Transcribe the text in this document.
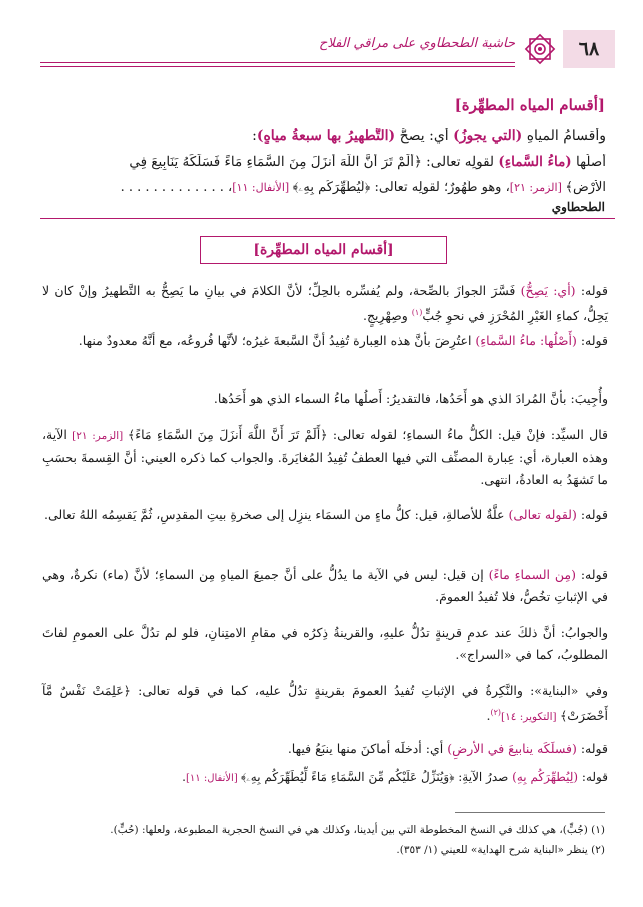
٦٨
حاشية الطحطاوي على مراقي الفلاح
[أقسام المياه المطهِّرة]
وأقسامُ المياهِ (التي يجوزُ) أي: يصحُّ (التَّطهيرُ بها سبعةُ مياهٍ):
أصلُها (ماءُ السَّماءِ) لقولِه تعالى: ﴿أَلَمْ تَرَ أَنَّ اللَّهَ أَنزَلَ مِنَ السَّمَاءِ مَاءً فَسَلَكَهُ يَنَابِيعَ فِي
الْأَرْضِ﴾ [الزمر: ٢١]، وهو طَهُورٌ؛ لقولِه تعالى: ﴿لِّيُطَهِّرَكُم بِهِۦ﴾ [الأنفال: ١١]، . . . . . . . . . . . . .
الطحطاوي
[أقسام المياه المطهِّرة]
قوله: (أي: يَصِحُّ) فَسَّرَ الجوازَ بالصِّحة، ولم يُفسِّره بالحِلِّ؛ لأنَّ الكلامَ في بيانِ ما يَصِحُّ به التَّطهيرُ وإنْ كان لا يَحِلُّ، كماءِ الغَيْرِ المُحْرَزِ في نحوِ جُبٍّ$^{(١)}$ وصِهْرِيجٍ.
قوله: (أَصْلُها: ماءُ السَّماءِ) اعتُرِضَ بأنَّ هذه العِبارة تُفِيدُ أنَّ السَّبعةَ غيرُه؛ لأنَّها فُروعُه، مع أنَّهُ معدودٌ منها.
وأُجِيبَ: بأنَّ المُرادَ الذي هو أَحَدُها، فالتقديرُ: أَصلُها ماءُ السماء الذي هو أَحَدُها.
قال السيِّد: فإنْ قيل: الكلُّ ماءُ السماءِ؛ لقوله تعالى: ﴿أَلَمْ تَرَ أَنَّ اللَّهَ أَنزَلَ مِنَ السَّمَاءِ مَاءً﴾ [الزمر: ٢١] الآية، وهذه العبارة، أي: عِبارة المصنِّف التي فيها العطفُ تُفِيدُ المُغايَرةَ. والجواب كما ذكره العيني: أنَّ القِسمةَ بحسَبِ ما تَشهَدُ به العادةُ، انتهى.
قوله: (لقوله تعالى) علَّةٌ للأصالةِ، قيل: كلُّ ماءٍ من السمَاء ينزِل إلى صخرةِ بيتِ المقدِسِ، ثُمَّ يَقسِمُه اللهُ تعالى.
قوله: (مِن السماءِ ماءً) إن قيل: ليس في الآية ما يدُلُّ على أنَّ جميعَ المياهِ مِن السماءِ؛ لأنَّ (ماء) نكرةٌ، وهي في الإثباتِ تخُصُّ، فلا تُفيدُ العمومَ.
والجوابُ: أنَّ ذلكَ عند عدمِ قرينةٍ تدُلُّ عليهِ، والقرينةُ ذِكرُه في مقامِ الامتِنانِ، فلو لم تدُلَّ على العمومِ لفاتَ المطلوبُ، كما في «السراج».
وفي «البناية»: والنَّكِرةُ في الإثباتِ تُفيدُ العمومَ بقرينةٍ تدُلُّ عليه، كما في قوله تعالى: ﴿عَلِمَتْ نَفْسٌ مَّآ أَحْضَرَتْ﴾ [التكوير: ١٤]$^{(٢)}$.
قوله: (فسلَكَه ينابيعَ في الأرضِ) أي: أدخلَه أماكنَ منها ينبَعُ فيها.
قوله: (لِيُطهِّرَكُم بِهِ) صدرُ الآيةِ: ﴿وَيُنَزِّلُ عَلَيْكُم مِّنَ السَّمَاءِ مَاءً لِّيُطَهِّرَكُم بِهِۦ﴾ [الأنفال: ١١].
(١) (جُبٍّ)، هي كذلك في النسخ المخطوطة التي بين أيدينا، وكذلك هي في النسخ الحجرية المطبوعة، ولعلها: (حُبٍّ).
(٢) ينظر «البناية شرح الهداية» للعيني (١/ ٣٥٣).
